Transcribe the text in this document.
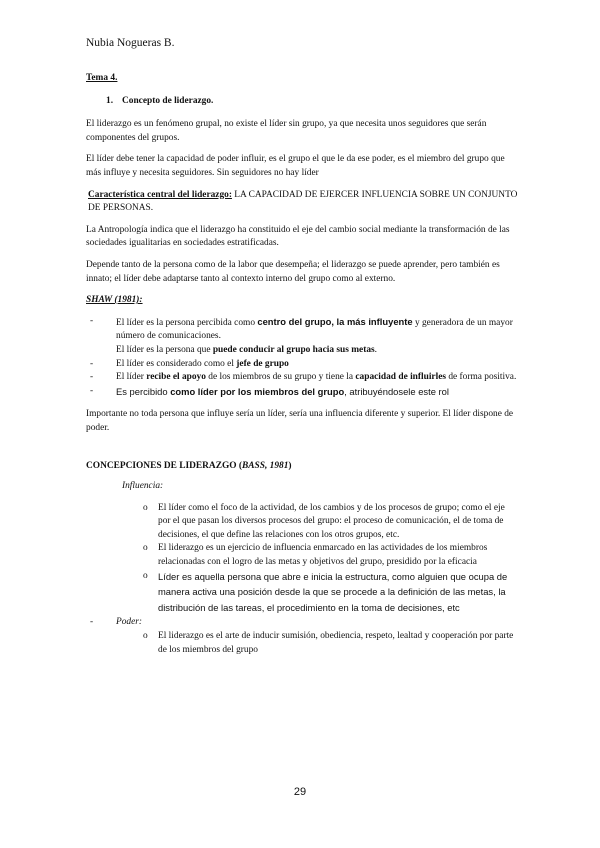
Nubia Nogueras B.

Tema 4.

1. Concepto de liderazgo.

El liderazgo es un fenómeno grupal, no existe el líder sin grupo, ya que necesita unos seguidores que serán componentes del grupos.

El líder debe tener la capacidad de poder influir, es el grupo el que le da ese poder, es el miembro del grupo que más influye y necesita seguidores. Sin seguidores no hay líder

Característica central del liderazgo: LA CAPACIDAD DE EJERCER INFLUENCIA SOBRE UN CONJUNTO DE PERSONAS.

La Antropología indica que el liderazgo ha constituido el eje del cambio social mediante la transformación de las sociedades igualitarias en sociedades estratificadas.

Depende tanto de la persona como de la labor que desempeña; el liderazgo se puede aprender, pero también es innato; el líder debe adaptarse tanto al contexto interno del grupo como al externo.

SHAW (1981):

- El líder es la persona percibida como centro del grupo, la más influyente y generadora de un mayor número de comunicaciones.
El líder es la persona que puede conducir al grupo hacia sus metas.
- El líder es considerado como el jefe de grupo
- El líder recibe el apoyo de los miembros de su grupo y tiene la capacidad de influirles de forma positiva.
- Es percibido como líder por los miembros del grupo, atribuyéndosele este rol

Importante no toda persona que influye sería un líder, sería una influencia diferente y superior. El líder dispone de poder.

CONCEPCIONES DE LIDERAZGO (BASS, 1981)

Influencia:

o El líder como el foco de la actividad, de los cambios y de los procesos de grupo; como el eje por el que pasan los diversos procesos del grupo: el proceso de comunicación, el de toma de decisiones, el que define las relaciones con los otros grupos, etc.
o El liderazgo es un ejercicio de influencia enmarcado en las actividades de los miembros relacionadas con el logro de las metas y objetivos del grupo, presidido por la eficacia
o Líder es aquella persona que abre e inicia la estructura, como alguien que ocupa de manera activa una posición desde la que se procede a la definición de las metas, la distribución de las tareas, el procedimiento en la toma de decisiones, etc
- Poder:
o El liderazgo es el arte de inducir sumisión, obediencia, respeto, lealtad y cooperación por parte de los miembros del grupo
29
